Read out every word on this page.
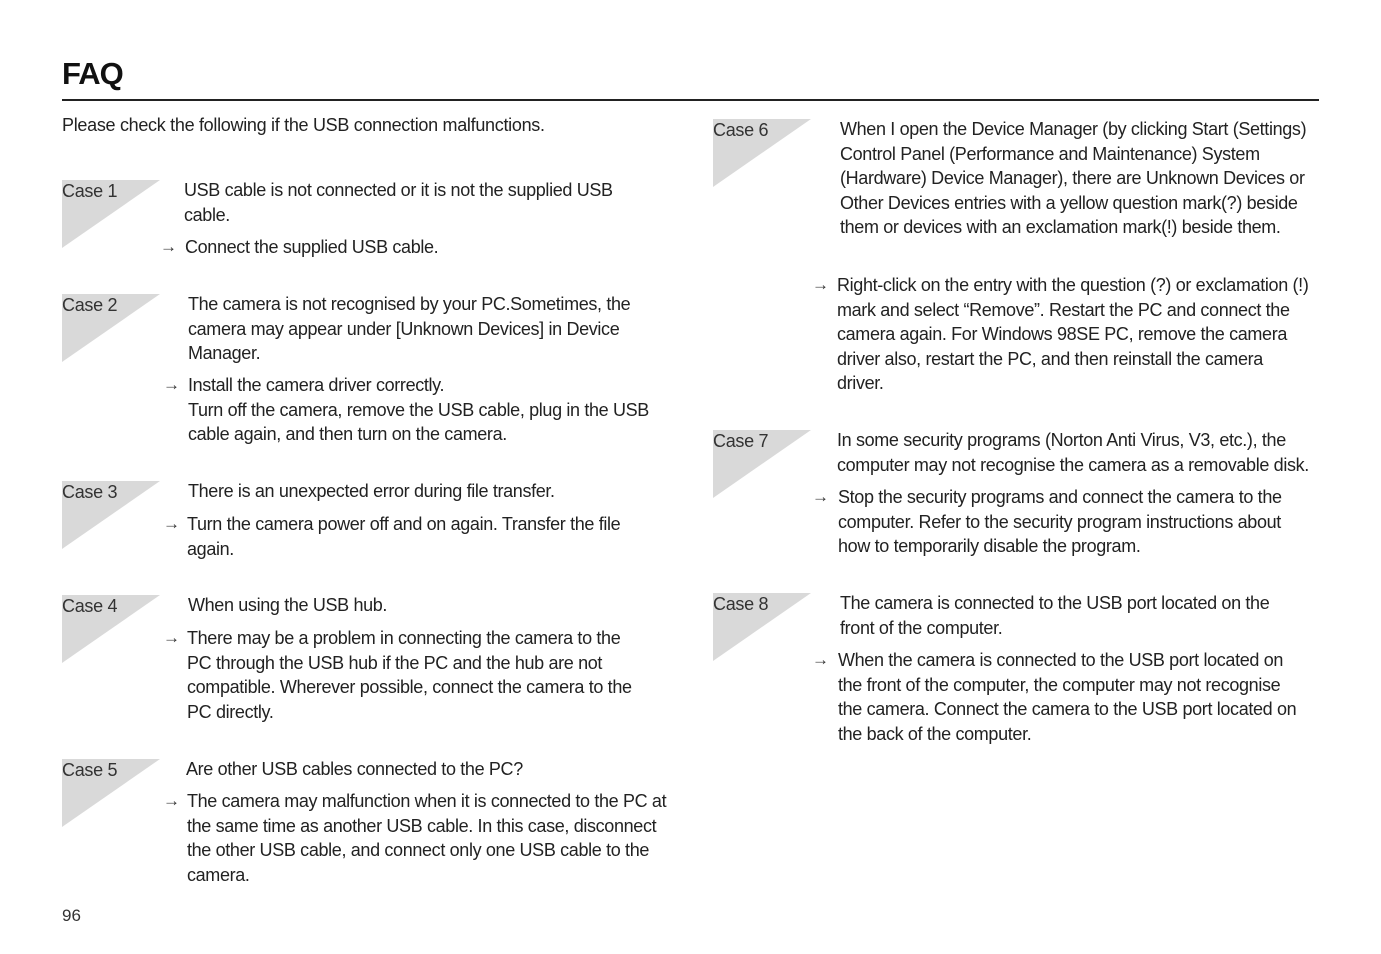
FAQ
Please check the following if the USB connection malfunctions.
Case 1	USB cable is not connected or it is not the supplied USB cable.
→ Connect the supplied USB cable.
Case 2	The camera is not recognised by your PC.Sometimes, the camera may appear under [Unknown Devices] in Device Manager.
→ Install the camera driver correctly.
Turn off the camera, remove the USB cable, plug in the USB cable again, and then turn on the camera.
Case 3	There is an unexpected error during file transfer.
→ Turn the camera power off and on again. Transfer the file again.
Case 4	When using the USB hub.
→ There may be a problem in connecting the camera to the PC through the USB hub if the PC and the hub are not compatible. Wherever possible, connect the camera to the PC directly.
Case 5	Are other USB cables connected to the PC?
→ The camera may malfunction when it is connected to the PC at the same time as another USB cable. In this case, disconnect the other USB cable, and connect only one USB cable to the camera.
Case 6	When I open the Device Manager (by clicking Start (Settings) Control Panel (Performance and Maintenance) System (Hardware) Device Manager), there are Unknown Devices or Other Devices entries with a yellow question mark(?) beside them or devices with an exclamation mark(!) beside them.
→ Right-click on the entry with the question (?) or exclamation (!) mark and select “Remove”. Restart the PC and connect the camera again. For Windows 98SE PC, remove the camera driver also, restart the PC, and then reinstall the camera driver.
Case 7	In some security programs (Norton Anti Virus, V3, etc.), the computer may not recognise the camera as a removable disk.
→ Stop the security programs and connect the camera to the computer. Refer to the security program instructions about how to temporarily disable the program.
Case 8	The camera is connected to the USB port located on the front of the computer.
→ When the camera is connected to the USB port located on the front of the computer, the computer may not recognise the camera. Connect the camera to the USB port located on the back of the computer.
96
